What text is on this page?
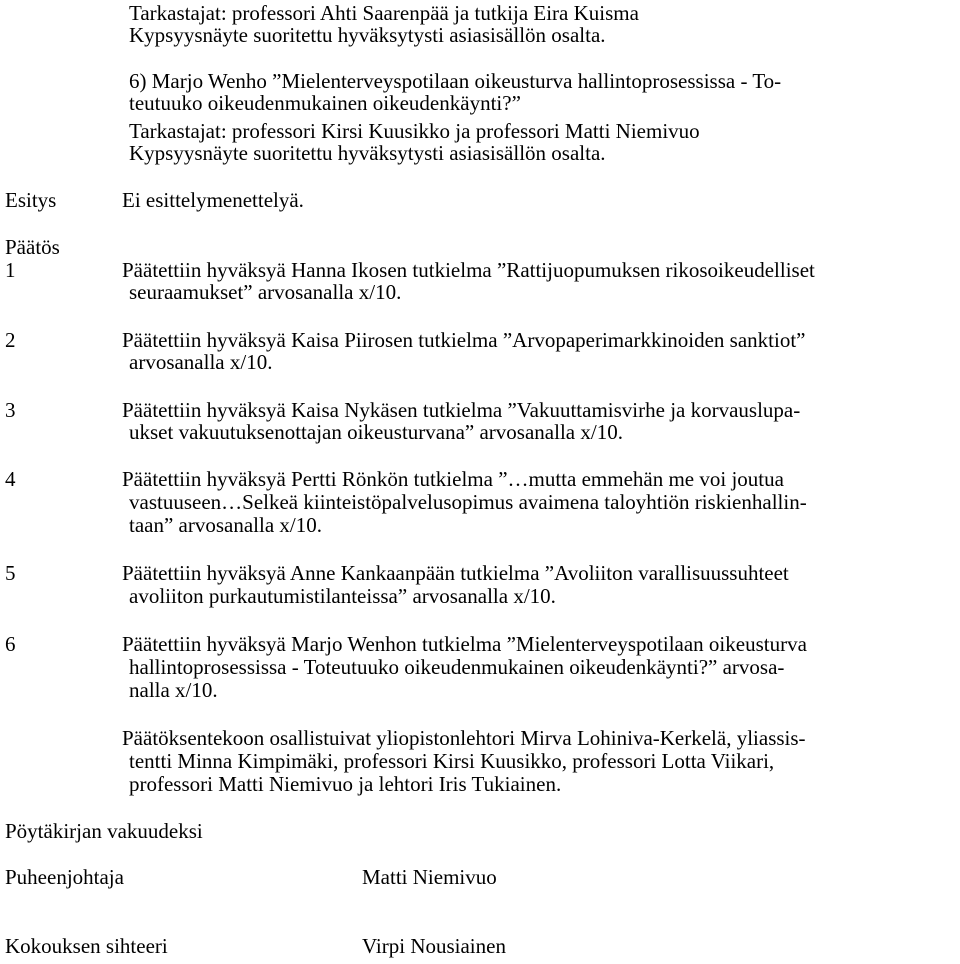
Tarkastajat: professori Ahti Saarenpää ja tutkija Eira Kuisma
Kypsyysnäyte suoritettu hyväksytysti asiasisällön osalta.
6) Marjo Wenho ”Mielenterveyspotilaan oikeusturva hallintoprosessissa - To-
teutuuko oikeudenmukainen oikeudenkäynti?”
Tarkastajat: professori Kirsi Kuusikko ja professori Matti Niemivuo
Kypsyysnäyte suoritettu hyväksytysti asiasisällön osalta.
Esitys	Ei esittelymenettelyä.
Päätös
1	Päätettiin hyväksyä Hanna Ikosen tutkielma ”Rattijuopumuksen rikosoikeudelliset
seuraamukset” arvosanalla x/10.
2	Päätettiin hyväksyä Kaisa Piirosen tutkielma ”Arvopaperimarkkinoiden sanktiot”
arvosanalla x/10.
3	Päätettiin hyväksyä Kaisa Nykäsen tutkielma ”Vakuuttamisvirhe ja korvauslupa-
ukset vakuutuksenottajan oikeusturvana” arvosanalla x/10.
4	Päätettiin hyväksyä Pertti Rönkön tutkielma ”…mutta emmehän me voi joutua
vastuuseen…Selkeä kiinteistöpalvelusopimus avaimena taloyhtiön riskienhallin-
taan” arvosanalla x/10.
5	Päätettiin hyväksyä Anne Kankaanpään tutkielma ”Avoliiton varallisuussuhteet
avoliiton purkautumistilanteissa” arvosanalla x/10.
6	Päätettiin hyväksyä Marjo Wenhon tutkielma ”Mielenterveyspotilaan oikeusturva
hallintoprosessissa - Toteutuuko oikeudenmukainen oikeudenkäynti?” arvosa-
nalla x/10.
Päätöksentekoon osallistuivat yliopistonlehtori Mirva Lohiniva-Kerkelä, yliassis-
tentti Minna Kimpimäki, professori Kirsi Kuusikko, professori Lotta Viikari,
professori Matti Niemivuo ja lehtori Iris Tukiainen.
Pöytäkirjan vakuudeksi
Puheenjohtaja	Matti Niemivuo
Kokouksen sihteeri	Virpi Nousiainen
